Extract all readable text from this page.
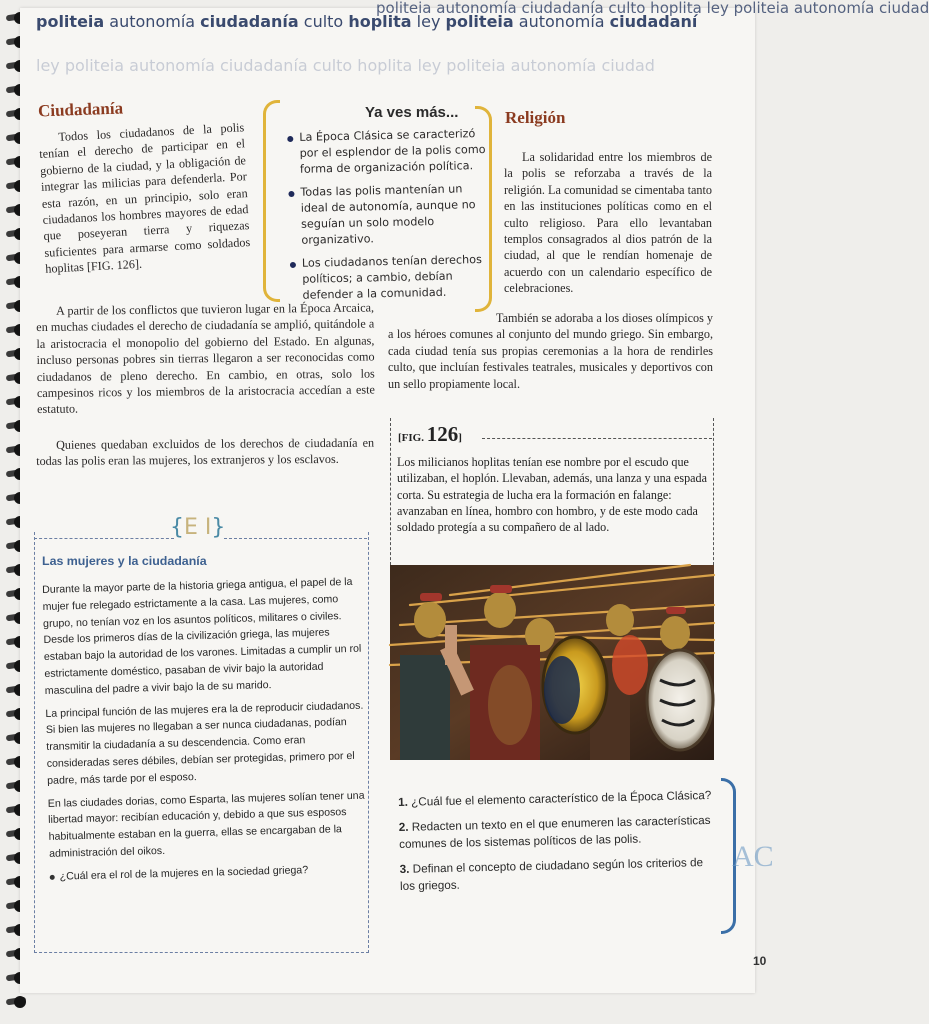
politeia autonomía ciudadanía culto hoplita ley politeia autonomía ciudad
politeia autonomía ciudadanía culto hoplita ley politeia autonomía ciudadaní
ley politeia autonomía ciudadanía culto hoplita ley politeia autonomía ciudad
Ciudadanía
Todos los ciudadanos de la polis tenían el derecho de participar en el gobierno de la ciudad, y la obligación de integrar las milicias para defenderla. Por esta razón, en un principio, solo eran ciudadanos los hombres mayores de edad que poseyeran tierra y riquezas suficientes para armarse como soldados hoplitas [FIG. 126].
A partir de los conflictos que tuvieron lugar en la Época Arcaica, en muchas ciudades el derecho de ciudadanía se amplió, quitándole a la aristocracia el monopolio del gobierno del Estado. En algunas, incluso personas pobres sin tierras llegaron a ser reconocidas como ciudadanos de pleno derecho. En cambio, en otras, solo los campesinos ricos y los miembros de la aristocracia accedían a este estatuto.
Quienes quedaban excluidos de los derechos de ciudadanía en todas las polis eran las mujeres, los extranjeros y los esclavos.
Ya ves más...
La Época Clásica se caracterizó por el esplendor de la polis como forma de organización política.
Todas las polis mantenían un ideal de autonomía, aunque no seguían un solo modelo organizativo.
Los ciudadanos tenían derechos políticos; a cambio, debían defender a la comunidad.
Religión
La solidaridad entre los miembros de la polis se reforzaba a través de la religión. La comunidad se cimentaba tanto en las instituciones políticas como en el culto religioso. Para ello levantaban templos consagrados al dios patrón de la ciudad, al que le rendían homenaje de acuerdo con un calendario específico de celebraciones.
También se adoraba a los dioses olímpicos y a los héroes comunes al conjunto del mundo griego. Sin embargo, cada ciudad tenía sus propias ceremonias a la hora de rendirles culto, que incluían festivales teatrales, musicales y deportivos con un sello propiamente local.
[FIG. 126]
Los milicianos hoplitas tenían ese nombre por el escudo que utilizaban, el hoplón. Llevaban, además, una lanza y una espada corta. Su estrategia de lucha era la formación en falange: avanzaban en línea, hombro con hombro, y de este modo cada soldado protegía a su compañero de al lado.
{E I}
Las mujeres y la ciudadanía

Durante la mayor parte de la historia griega antigua, el papel de la mujer fue relegado estrictamente a la casa. Las mujeres, como grupo, no tenían voz en los asuntos políticos, militares o civiles. Desde los primeros días de la civilización griega, las mujeres estaban bajo la autoridad de los varones. Limitadas a cumplir un rol estrictamente doméstico, pasaban de vivir bajo la autoridad masculina del padre a vivir bajo la de su marido.

La principal función de las mujeres era la de reproducir ciudadanos. Si bien las mujeres no llegaban a ser nunca ciudadanas, podían transmitir la ciudadanía a su descendencia. Como eran consideradas seres débiles, debían ser protegidas, primero por el padre, más tarde por el esposo.

En las ciudades dorias, como Esparta, las mujeres solían tener una libertad mayor: recibían educación y, debido a que sus esposos habitualmente estaban en la guerra, ellas se encargaban de la administración del oikos.

¿Cuál era el rol de la mujeres en la sociedad griega?
1. ¿Cuál fue el elemento característico de la Época Clásica?
2. Redacten un texto en el que enumeren las características comunes de los sistemas políticos de las polis.
3. Definan el concepto de ciudadano según los criterios de los griegos.
AC
10
